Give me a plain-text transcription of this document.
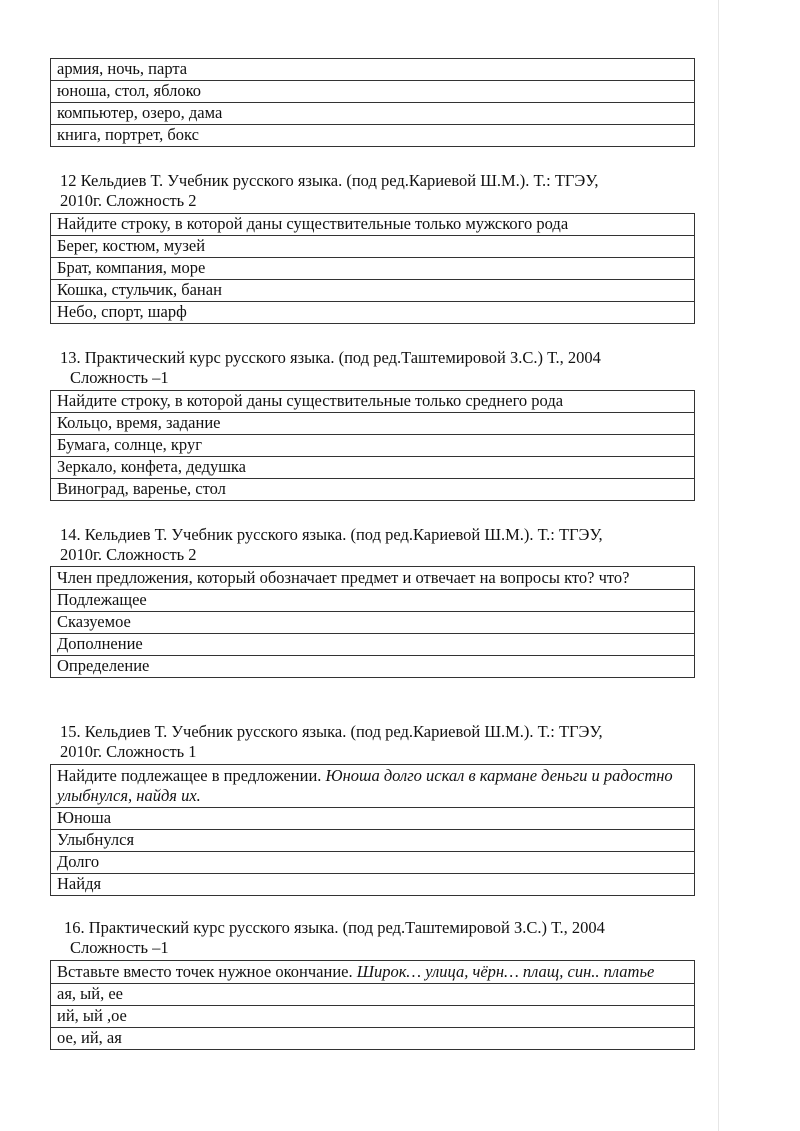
армия, ночь, парта
юноша, стол, яблоко
компьютер, озеро, дама
книга, портрет, бокс
12 Кельдиев Т. Учебник русского языка. (под ред.Кариевой Ш.М.). Т.: ТГЭУ,
2010г. Сложность 2
Найдите строку, в которой даны существительные только мужского рода
Берег, костюм, музей
Брат, компания, море
Кошка, стульчик, банан
Небо, спорт, шарф
13. Практический курс русского языка. (под ред.Таштемировой З.С.) Т., 2004
Сложность –1
Найдите строку, в которой даны существительные только среднего рода
Кольцо, время, задание
Бумага, солнце, круг
Зеркало, конфета, дедушка
Виноград, варенье, стол
14. Кельдиев Т. Учебник русского языка. (под ред.Кариевой Ш.М.). Т.: ТГЭУ,
2010г. Сложность 2
Член предложения, который обозначает предмет и отвечает на вопросы кто? что?
Подлежащее
Сказуемое
Дополнение
Определение
15. Кельдиев Т. Учебник русского языка. (под ред.Кариевой Ш.М.). Т.: ТГЭУ,
2010г. Сложность 1
Найдите подлежащее в предложении. Юноша долго искал в кармане деньги и радостно улыбнулся, найдя их.
Юноша
Улыбнулся
Долго
Найдя
16. Практический курс русского языка. (под ред.Таштемировой З.С.) Т., 2004
Сложность –1
Вставьте вместо точек нужное окончание. Широк… улица, чёрн… плащ, син.. платье
ая, ый, ее
ий, ый ,ое
ое, ий, ая
